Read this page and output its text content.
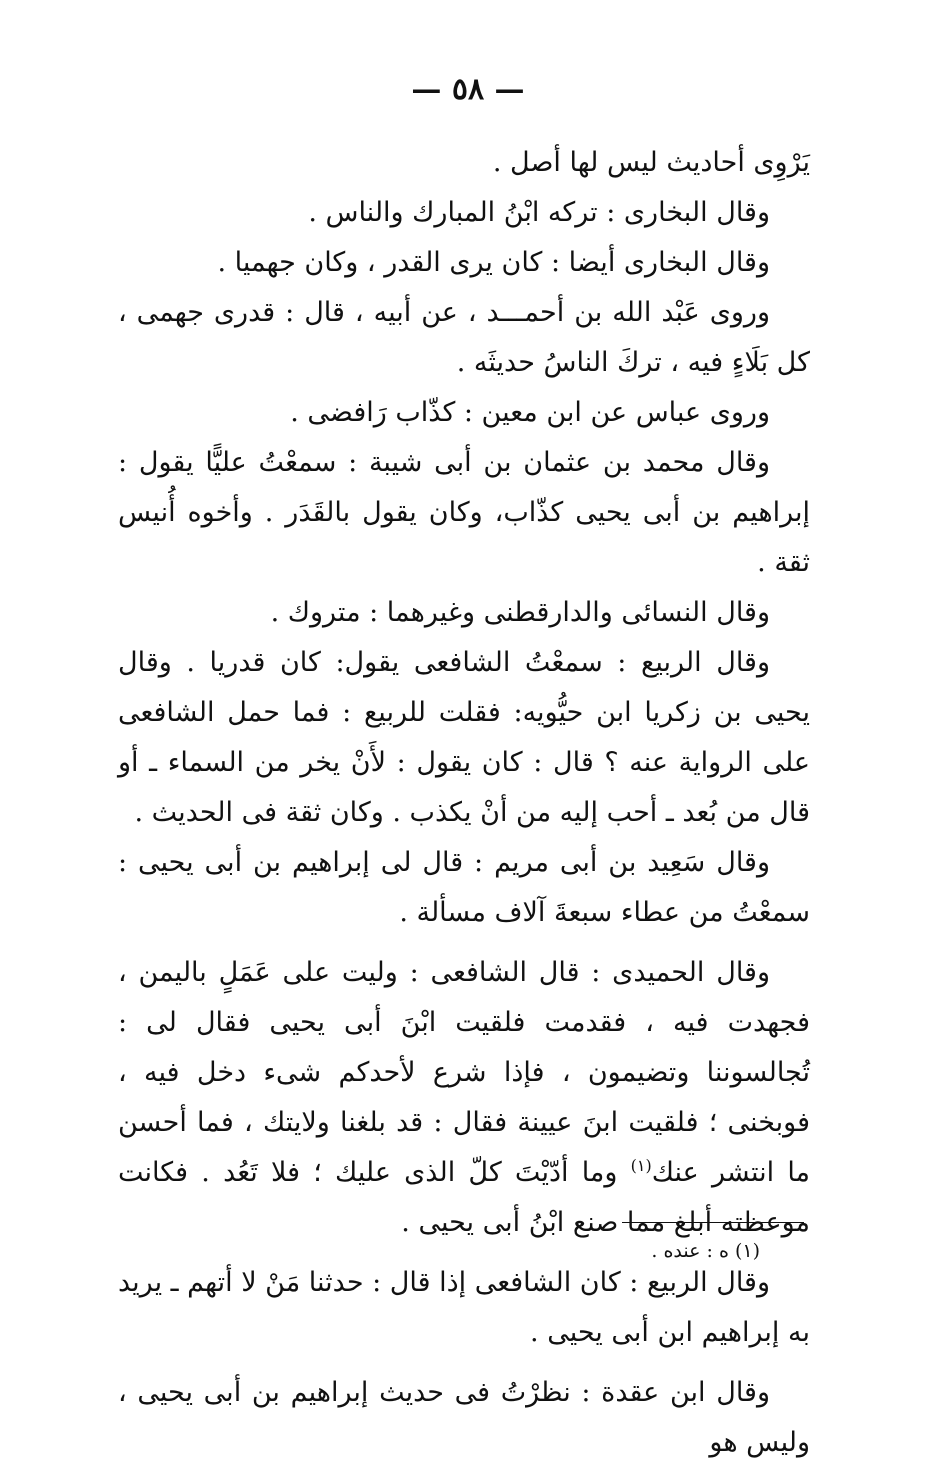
— ٥٨ —

يَرْوِى أحاديث ليس لها أصل .

وقال البخارى : تركه ابْنُ المبارك والناس .

وقال البخارى أيضا : كان يرى القدر ، وكان جهميا .

وروى عَبْد الله بن أحمـــد ، عن أبيه ، قال : قدرى جهمى ، كل بَلَاءٍ فيه ، تركَ الناسُ حديثَه .

وروى عباس عن ابن معين : كذّاب رَافضى .

وقال محمد بن عثمان بن أبى شيبة : سمعْتُ عليًّا يقول : إبراهيم بن أبى يحيى كذّاب، وكان يقول بالقَدَر . وأخوه أُنيس ثقة .

وقال النسائى والدارقطنى وغيرهما : متروك .

وقال الربيع : سمعْتُ الشافعى يقول: كان قدريا . وقال يحيى بن زكريا ابن حيُّويه: فقلت للربيع : فما حمل الشافعى على الرواية عنه ؟ قال : كان يقول : لأَنْ يخر من السماء ـ أو قال من بُعد ـ أحب إليه من أنْ يكذب . وكان ثقة فى الحديث .

وقال سَعِيد بن أبى مريم : قال لى إبراهيم بن أبى يحيى : سمعْتُ من عطاء سبعةَ آلاف مسألة .

وقال الحميدى : قال الشافعى : وليت على عَمَلٍ باليمن ، فجهدت فيه ، فقدمت فلقيت ابْنَ أبى يحيى فقال لى : تُجالسوننا وتضيمون ، فإذا شرع لأحدكم شىء دخل فيه ، فوبخنى ؛ فلقيت ابنَ عيينة فقال : قد بلغنا ولايتك ، فما أحسن ما انتشر عنك$^{(١)}$ وما أدّيْتَ كلّ الذى عليك ؛ فلا تَعُد . فكانت موعظته أبلغ مما صنع ابْنُ أبى يحيى .

وقال الربيع : كان الشافعى إذا قال : حدثنا مَنْ لا أتهم ـ يريد به إبراهيم ابن أبى يحيى .

وقال ابن عقدة : نظرْتُ فى حديث إبراهيم بن أبى يحيى ، وليس هو

(١) ه : عنده .
